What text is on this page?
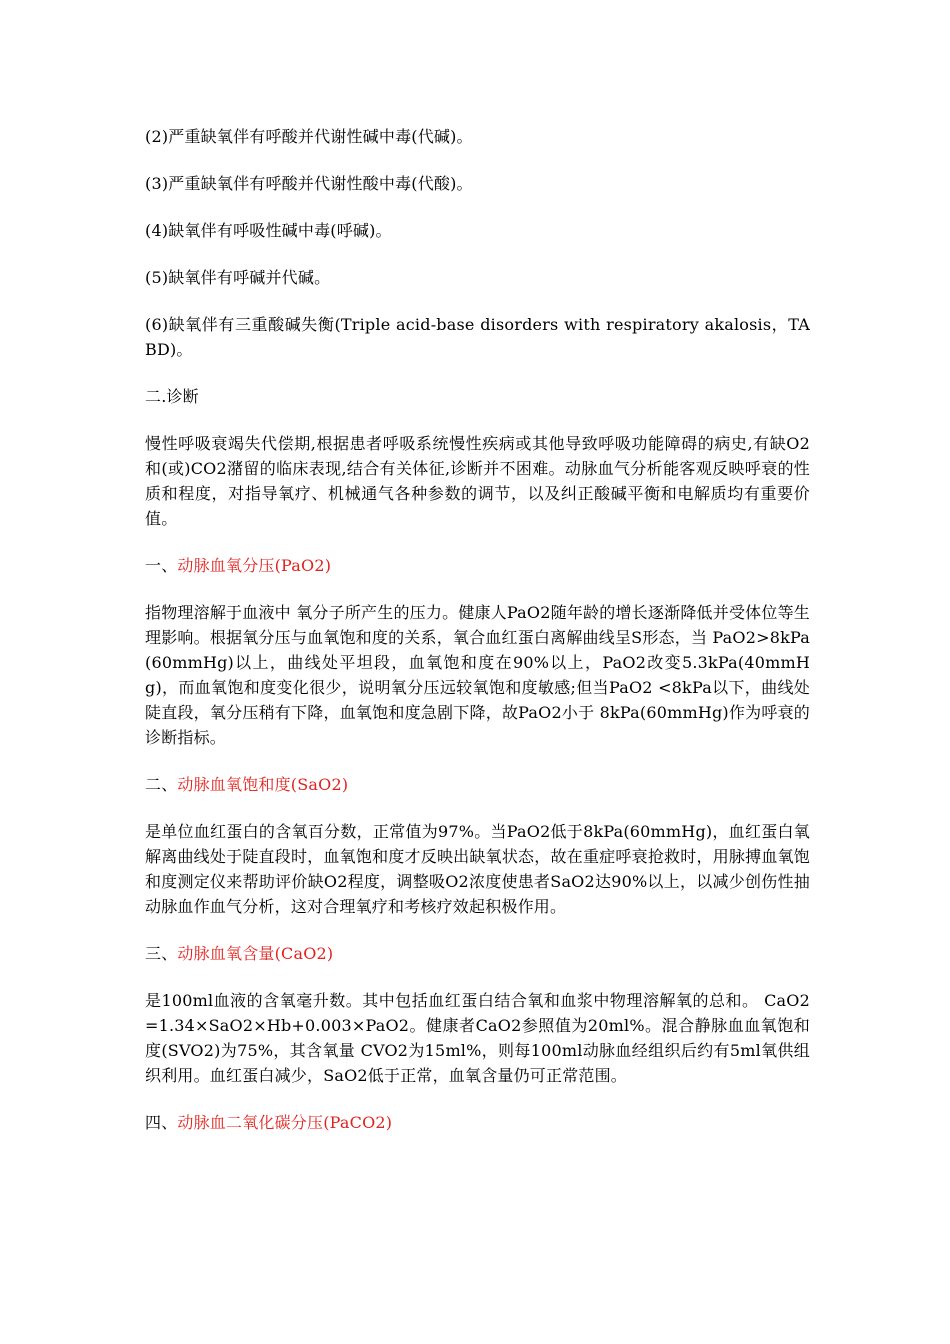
(2)严重缺氧伴有呼酸并代谢性碱中毒(代碱)。

(3)严重缺氧伴有呼酸并代谢性酸中毒(代酸)。

(4)缺氧伴有呼吸性碱中毒(呼碱)。

(5)缺氧伴有呼碱并代碱。

(6)缺氧伴有三重酸碱失衡(Triple acid-base disorders with respiratory akalosis，TABD)。

二.诊断

慢性呼吸衰竭失代偿期,根据患者呼吸系统慢性疾病或其他导致呼吸功能障碍的病史,有缺O2和(或)CO2潴留的临床表现,结合有关体征,诊断并不困难。动脉血气分析能客观反映呼衰的性质和程度，对指导氧疗、机械通气各种参数的调节，以及纠正酸碱平衡和电解质均有重要价值。

一、动脉血氧分压(PaO2)

指物理溶解于血液中 氧分子所产生的压力。健康人PaO2随年龄的增长逐渐降低并受体位等生理影响。根据氧分压与血氧饱和度的关系，氧合血红蛋白离解曲线呈S形态，当 PaO2>8kPa(60mmHg)以上，曲线处平坦段，血氧饱和度在90%以上，PaO2改变5.3kPa(40mmHg)，而血氧饱和度变化很少，说明氧分压远较氧饱和度敏感;但当PaO2 <8kPa以下，曲线处陡直段，氧分压稍有下降，血氧饱和度急剧下降，故PaO2小于 8kPa(60mmHg)作为呼衰的诊断指标。

二、动脉血氧饱和度(SaO2)

是单位血红蛋白的含氧百分数，正常值为97%。当PaO2低于8kPa(60mmHg)，血红蛋白氧解离曲线处于陡直段时，血氧饱和度才反映出缺氧状态，故在重症呼衰抢救时，用脉搏血氧饱和度测定仪来帮助评价缺O2程度，调整吸O2浓度使患者SaO2达90%以上，以减少创伤性抽动脉血作血气分析，这对合理氧疗和考核疗效起积极作用。

三、动脉血氧含量(CaO2)

是100ml血液的含氧毫升数。其中包括血红蛋白结合氧和血浆中物理溶解氧的总和。 CaO2=1.34×SaO2×Hb+0.003×PaO2。健康者CaO2参照值为20ml%。混合静脉血血氧饱和度(SVO2)为75%，其含氧量 CVO2为15ml%，则每100ml动脉血经组织后约有5ml氧供组织利用。血红蛋白减少，SaO2低于正常，血氧含量仍可正常范围。

四、动脉血二氧化碳分压(PaCO2)
